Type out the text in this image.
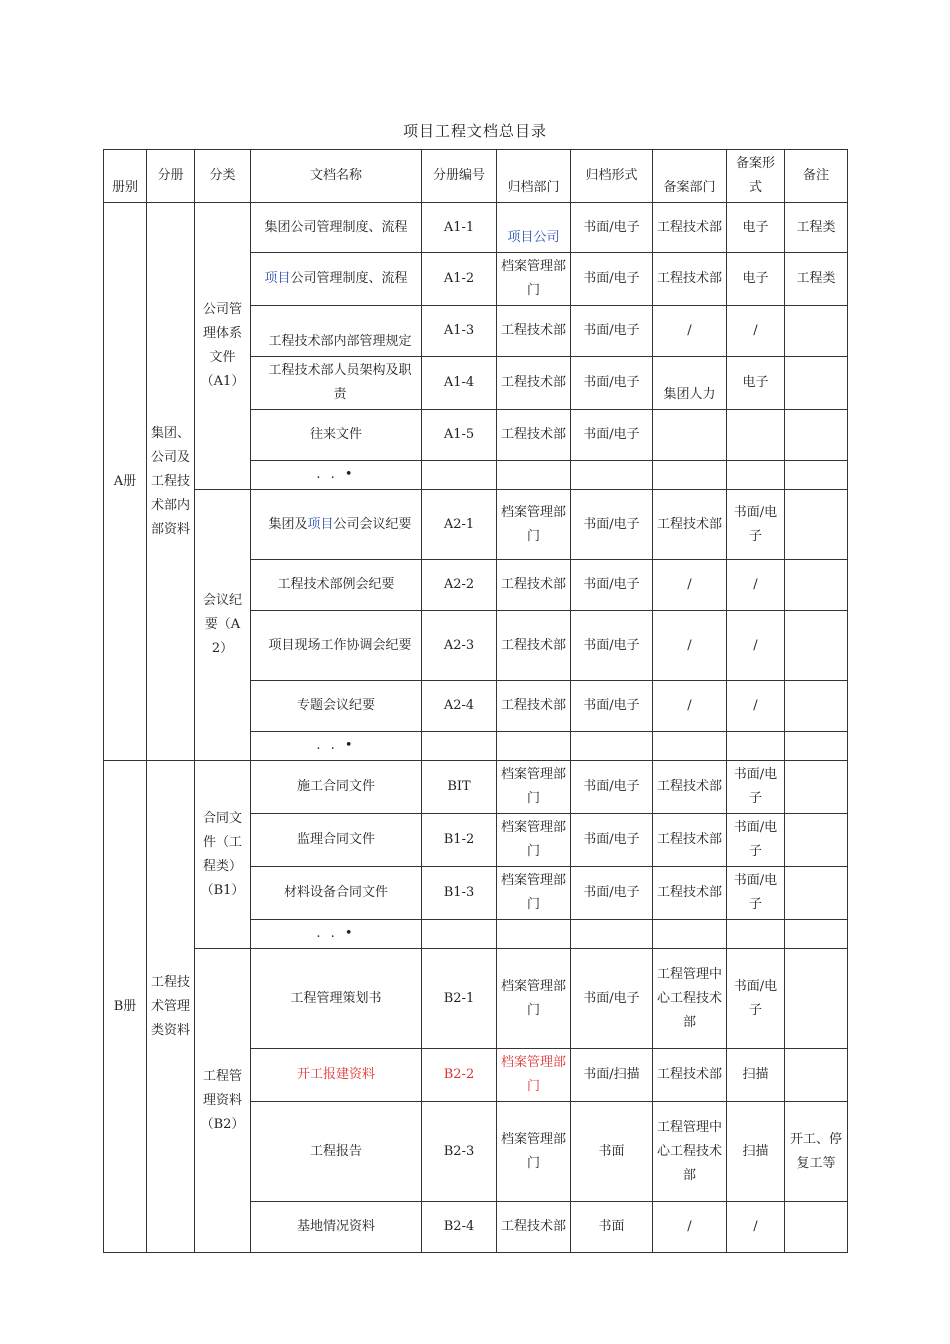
项目工程文档总目录
册别	分册	分类	文档名称	分册编号	归档部门	归档形式	备案部门	备案形式	备注
A册	集团、公司及工程技术部内部资料	公司管理体系文件（A1）	集团公司管理制度、流程	A1-1	项目公司	书面/电子	工程技术部	电子	工程类
			项目公司管理制度、流程	A1-2	档案管理部门	书面/电子	工程技术部	电子	工程类
			工程技术部内部管理规定	A1-3	工程技术部	书面/电子	/	/	
			工程技术部人员架构及职责	A1-4	工程技术部	书面/电子	集团人力	电子	
			往来文件	A1-5	工程技术部	书面/电子			
			. . •						
		会议纪要（A2）	集团及项目公司会议纪要	A2-1	档案管理部门	书面/电子	工程技术部	书面/电子	
			工程技术部例会纪要	A2-2	工程技术部	书面/电子	/	/	
			项目现场工作协调会纪要	A2-3	工程技术部	书面/电子	/	/	
			专题会议纪要	A2-4	工程技术部	书面/电子	/	/	
			. . •						
B册	工程技术管理类资料	合同文件（工程类）（B1）	施工合同文件	BIT	档案管理部门	书面/电子	工程技术部	书面/电子	
			监理合同文件	B1-2	档案管理部门	书面/电子	工程技术部	书面/电子	
			材料设备合同文件	B1-3	档案管理部门	书面/电子	工程技术部	书面/电子	
			. . •						
		工程管理资料（B2）	工程管理策划书	B2-1	档案管理部门	书面/电子	工程管理中心工程技术部	书面/电子	
			开工报建资料	B2-2	档案管理部门	书面/扫描	工程技术部	扫描	
			工程报告	B2-3	档案管理部门	书面	工程管理中心工程技术部	扫描	开工、停复工等
			基地情况资料	B2-4	工程技术部	书面	/	/	
